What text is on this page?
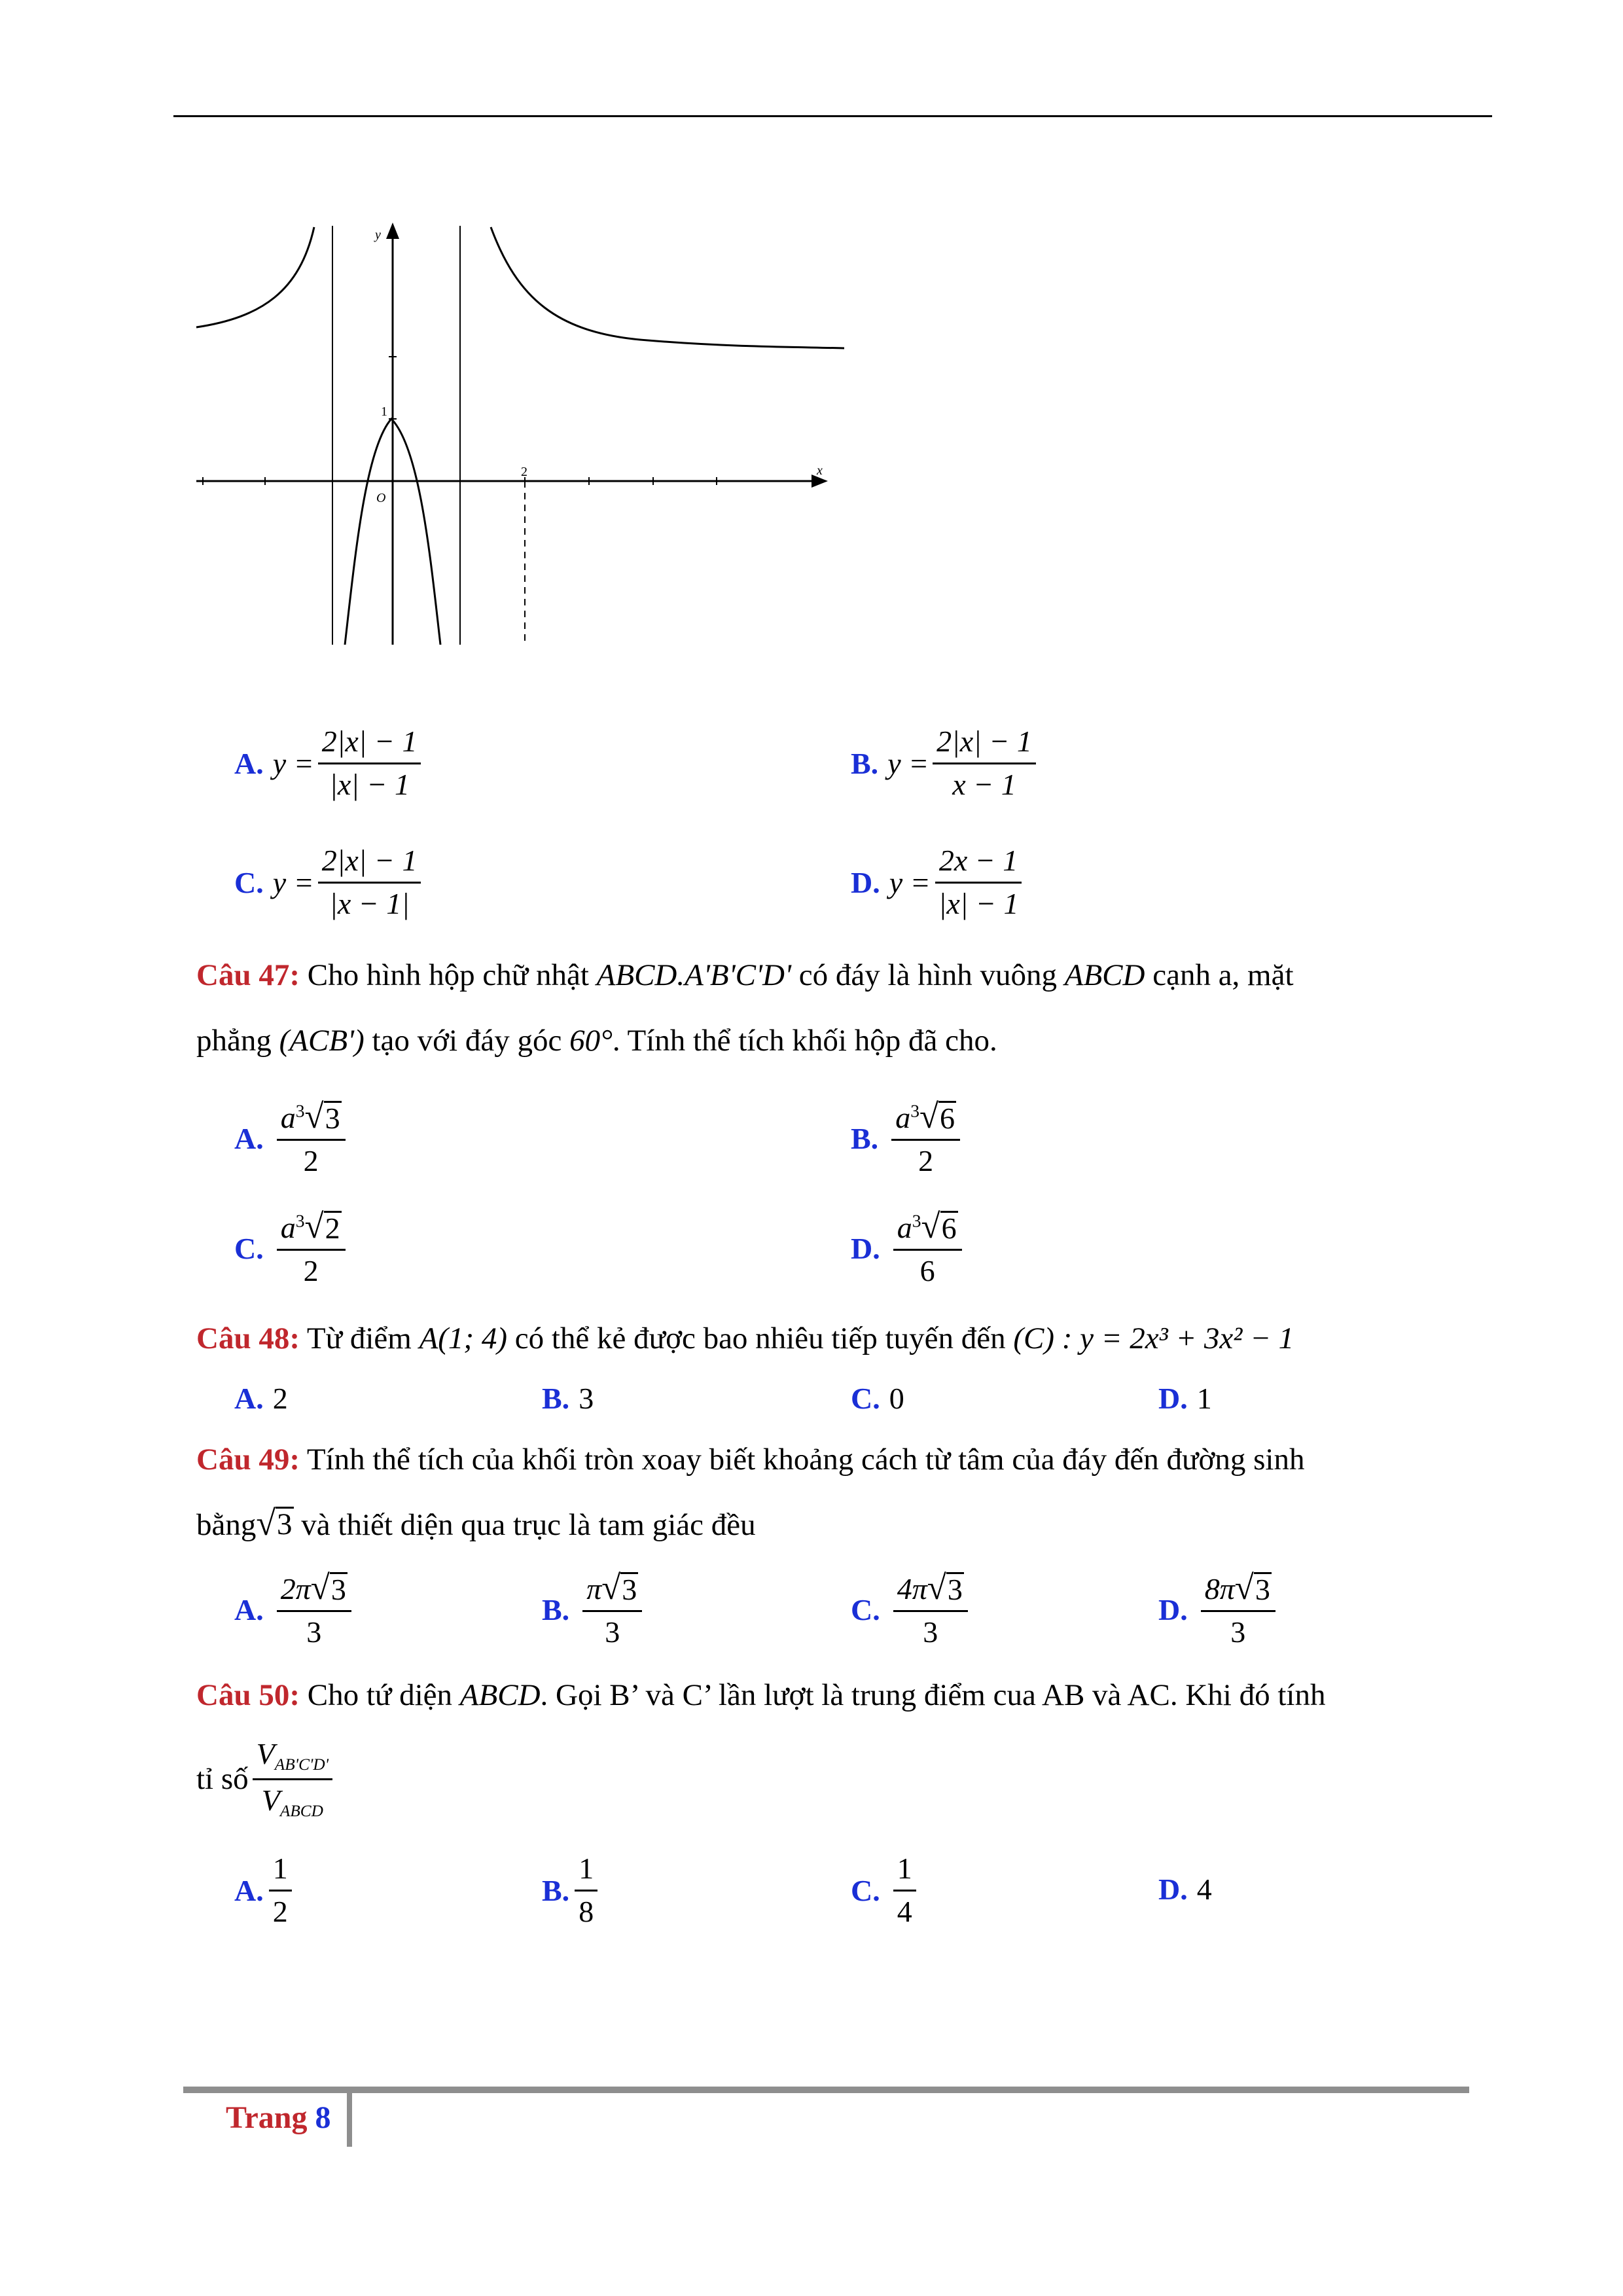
y
x
O
2
1
A. $y = \frac{2|x| - 1}{|x| - 1}$	B. $y = \frac{2|x| - 1}{x - 1}$
C. $y = \frac{2|x| - 1}{|x - 1|}$	D. $y = \frac{2x - 1}{|x| - 1}$
Câu 47: Cho hình hộp chữ nhật ABCD.A'B'C'D' có đáy là hình vuông ABCD cạnh a, mặt
phẳng (ACB') tạo với đáy góc 60°. Tính thể tích khối hộp đã cho.
A. $\frac{a^3 √ 3}{2}$	B. $\frac{a^3 √ 6}{2}$
C. $\frac{a^3 √ 2}{2}$	D. $\frac{a^3 √ 6}{6}$
Câu 48: Từ điểm A(1; 4) có thể kẻ được bao nhiêu tiếp tuyến đến (C) : y = 2x³ + 3x² − 1
A. 2	B. 3	C. 0	D. 1
Câu 49: Tính thể tích của khối tròn xoay biết khoảng cách từ tâm của đáy đến đường sinh
bằng √ 3 và thiết diện qua trục là tam giác đều
A. $\frac{2\pi √ 3}{3}$	B. $\frac{\pi √ 3}{3}$	C. $\frac{4\pi √ 3}{3}$	D. $\frac{8\pi √ 3}{3}$
Câu 50: Cho tứ diện ABCD. Gọi B’ và C’ lần lượt là trung điểm cua AB và AC. Khi đó tính
tỉ số $\frac{V_{AB'C'D'}}{V_{ABCD}}$
A. $\frac{1}{2}$	B. $\frac{1}{8}$	C. $\frac{1}{4}$	D. 4
Trang 8
